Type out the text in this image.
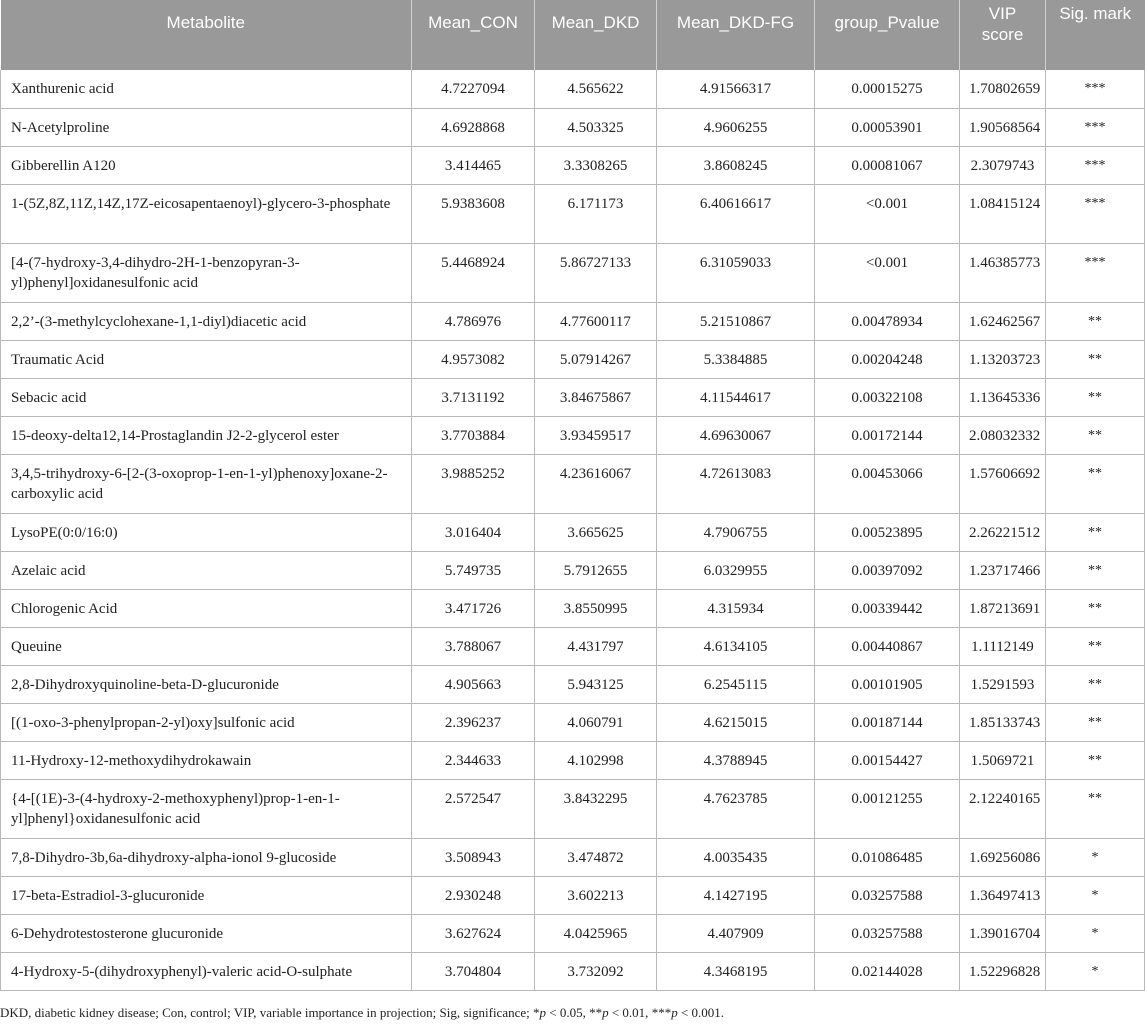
Metabolite	Mean_CON	Mean_DKD	Mean_DKD-FG	group_Pvalue	VIP score	Sig. mark

Xanthurenic acid	4.7227094	4.565622	4.91566317	0.00015275	1.70802659	***
N-Acetylproline	4.6928868	4.503325	4.9606255	0.00053901	1.90568564	***
Gibberellin A120	3.414465	3.3308265	3.8608245	0.00081067	2.3079743	***
1-(5Z,8Z,11Z,14Z,17Z-eicosapentaenoyl)-glycero-3-phosphate	5.9383608	6.171173	6.40616617	<0.001	1.08415124	***
[4-(7-hydroxy-3,4-dihydro-2H-1-benzopyran-3-yl)phenyl]oxidanesulfonic acid	5.4468924	5.86727133	6.31059033	<0.001	1.46385773	***
2,2’-(3-methylcyclohexane-1,1-diyl)diacetic acid	4.786976	4.77600117	5.21510867	0.00478934	1.62462567	**
Traumatic Acid	4.9573082	5.07914267	5.3384885	0.00204248	1.13203723	**
Sebacic acid	3.7131192	3.84675867	4.11544617	0.00322108	1.13645336	**
15-deoxy-delta12,14-Prostaglandin J2-2-glycerol ester	3.7703884	3.93459517	4.69630067	0.00172144	2.08032332	**
3,4,5-trihydroxy-6-[2-(3-oxoprop-1-en-1-yl)phenoxy]oxane-2-carboxylic acid	3.9885252	4.23616067	4.72613083	0.00453066	1.57606692	**
LysoPE(0:0/16:0)	3.016404	3.665625	4.7906755	0.00523895	2.26221512	**
Azelaic acid	5.749735	5.7912655	6.0329955	0.00397092	1.23717466	**
Chlorogenic Acid	3.471726	3.8550995	4.315934	0.00339442	1.87213691	**
Queuine	3.788067	4.431797	4.6134105	0.00440867	1.1112149	**
2,8-Dihydroxyquinoline-beta-D-glucuronide	4.905663	5.943125	6.2545115	0.00101905	1.5291593	**
[(1-oxo-3-phenylpropan-2-yl)oxy]sulfonic acid	2.396237	4.060791	4.6215015	0.00187144	1.85133743	**
11-Hydroxy-12-methoxydihydrokawain	2.344633	4.102998	4.3788945	0.00154427	1.5069721	**
{4-[(1E)-3-(4-hydroxy-2-methoxyphenyl)prop-1-en-1-yl]phenyl}oxidanesulfonic acid	2.572547	3.8432295	4.7623785	0.00121255	2.12240165	**
7,8-Dihydro-3b,6a-dihydroxy-alpha-ionol 9-glucoside	3.508943	3.474872	4.0035435	0.01086485	1.69256086	*
17-beta-Estradiol-3-glucuronide	2.930248	3.602213	4.1427195	0.03257588	1.36497413	*
6-Dehydrotestosterone glucuronide	3.627624	4.0425965	4.407909	0.03257588	1.39016704	*
4-Hydroxy-5-(dihydroxyphenyl)-valeric acid-O-sulphate	3.704804	3.732092	4.3468195	0.02144028	1.52296828	*
DKD, diabetic kidney disease; Con, control; VIP, variable importance in projection; Sig, significance; *p < 0.05, **p < 0.01, ***p < 0.001.
